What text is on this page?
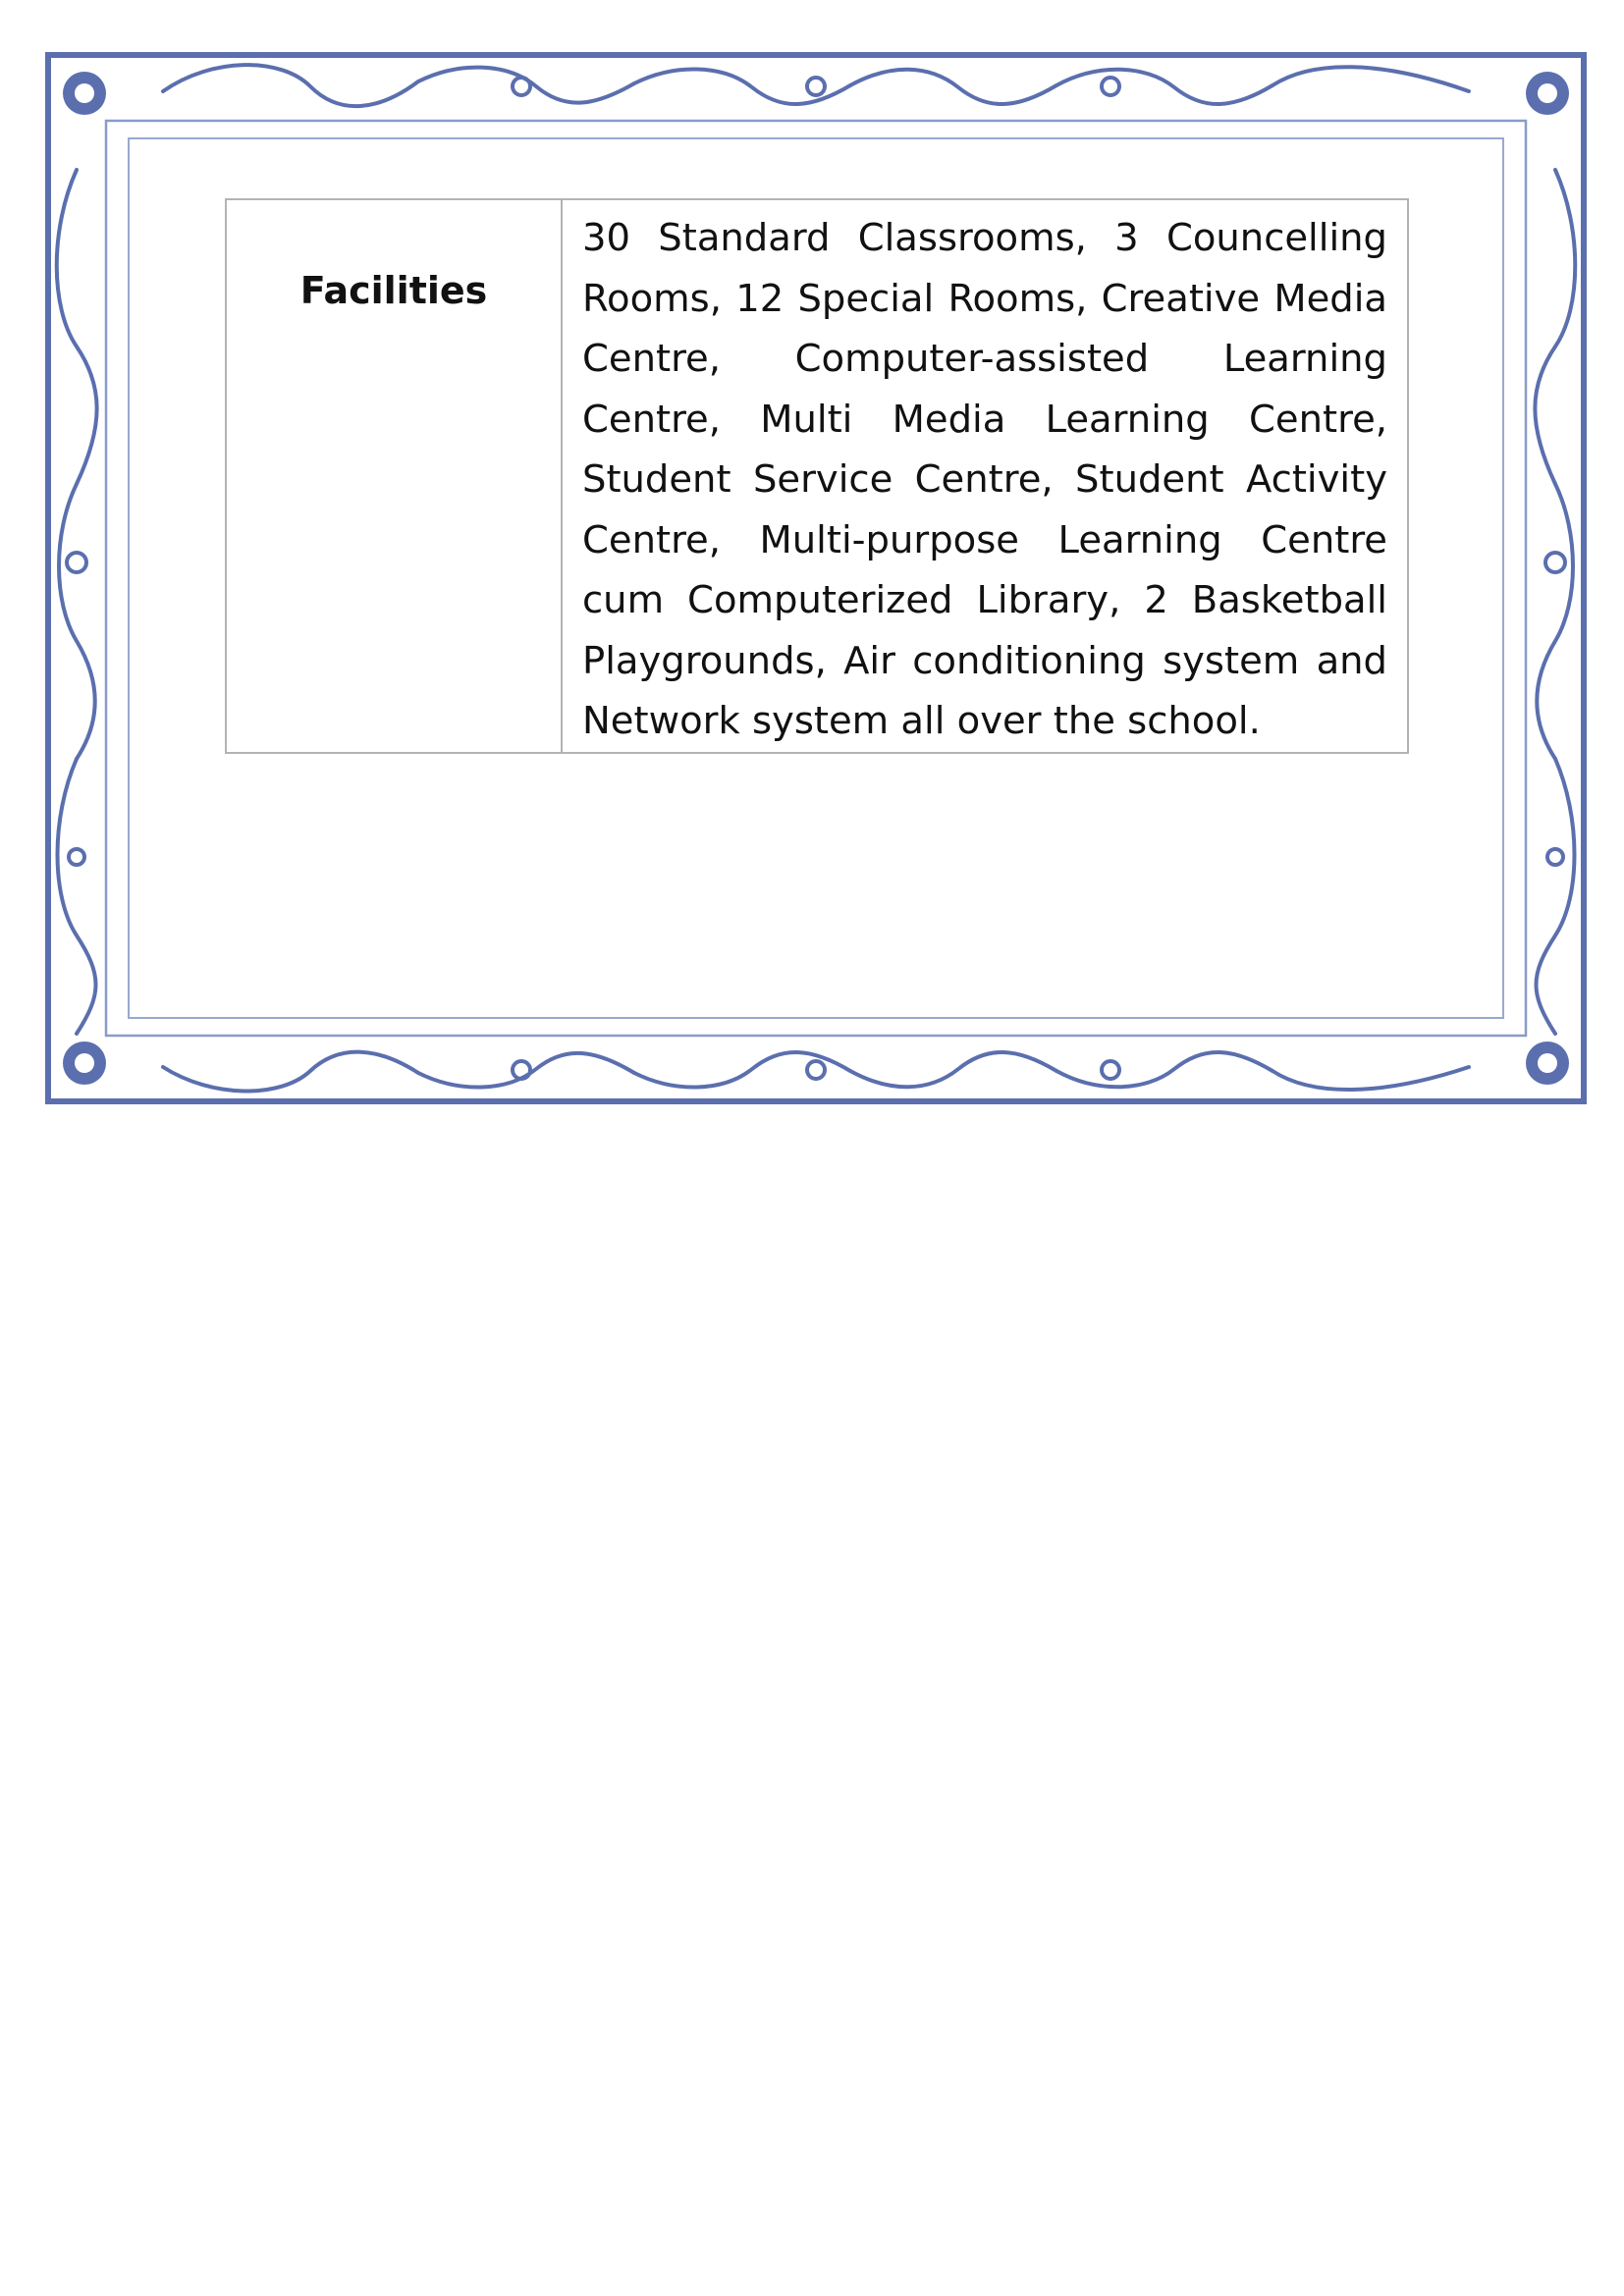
Facilities	30 Standard Classrooms, 3 Councelling Rooms, 12 Special Rooms, Creative Media Centre, Computer-assisted Learning Centre, Multi Media Learning Centre, Student Service Centre, Student Activity Centre, Multi-purpose Learning Centre cum Computerized Library, 2 Basketball Playgrounds, Air conditioning system and Network system all over the school.
